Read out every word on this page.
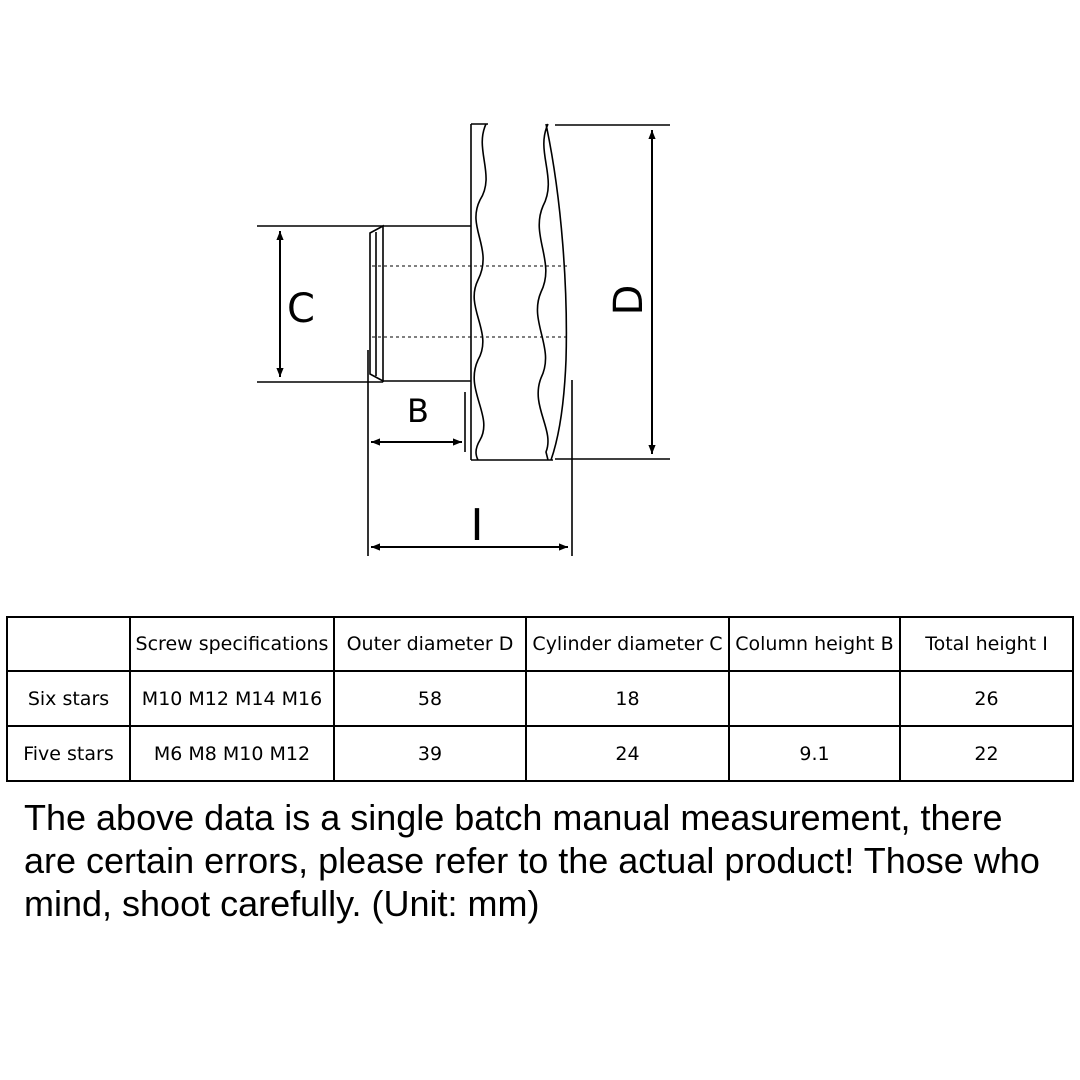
C	D
B
I
	Screw specifications	Outer diameter D	Cylinder diameter C	Column height B	Total height I
Six stars	M10 M12 M14 M16	58	18		26
Five stars	M6 M8 M10 M12	39	24	9.1	22

The above data is a single batch manual measurement, there are certain errors, please refer to the actual product! Those who mind, shoot carefully. (Unit: mm)
